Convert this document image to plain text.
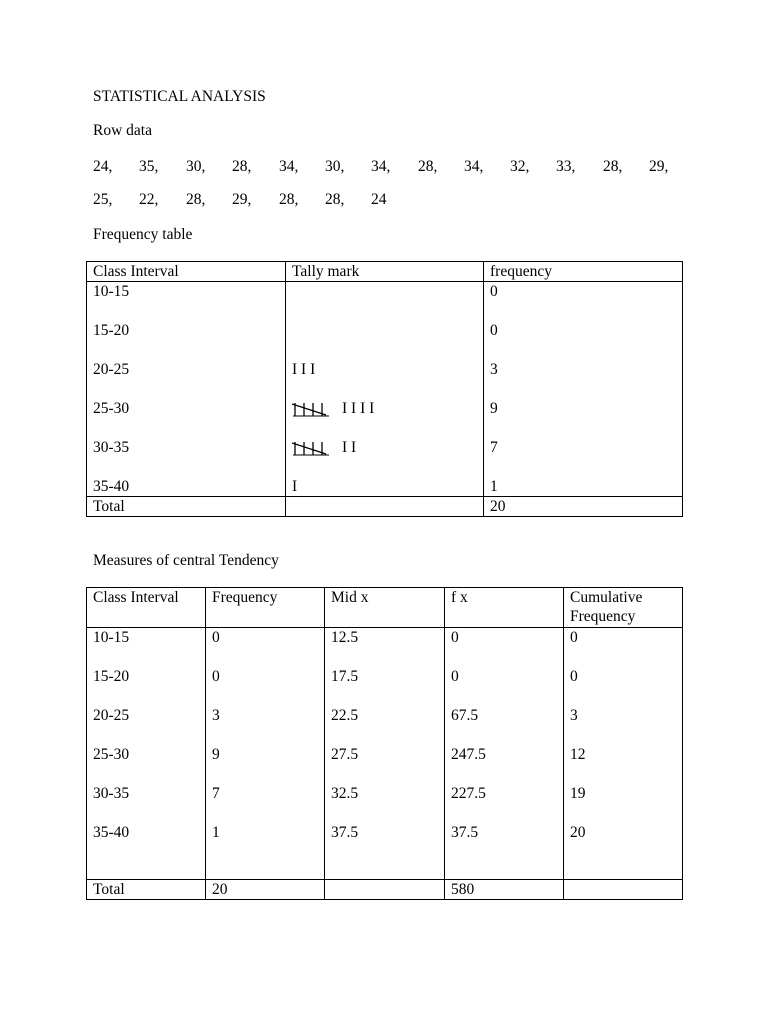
STATISTICAL ANALYSIS
Row data
24, 35, 30, 28, 34, 30, 34, 28, 34, 32, 33, 28, 29,
25, 22, 28, 29, 28, 28, 24
Frequency table
Class Interval	Tally mark	frequency
10-15		0
15-20		0
20-25	I I I	3
25-30	I I I I	9
30-35	I I	7
35-40	I	1
Total		20
Measures of central Tendency
Class Interval	Frequency	Mid x	f x	Cumulative Frequency
10-15	0	12.5	0	0
15-20	0	17.5	0	0
20-25	3	22.5	67.5	3
25-30	9	27.5	247.5	12
30-35	7	32.5	227.5	19
35-40	1	37.5	37.5	20
Total	20		580	
